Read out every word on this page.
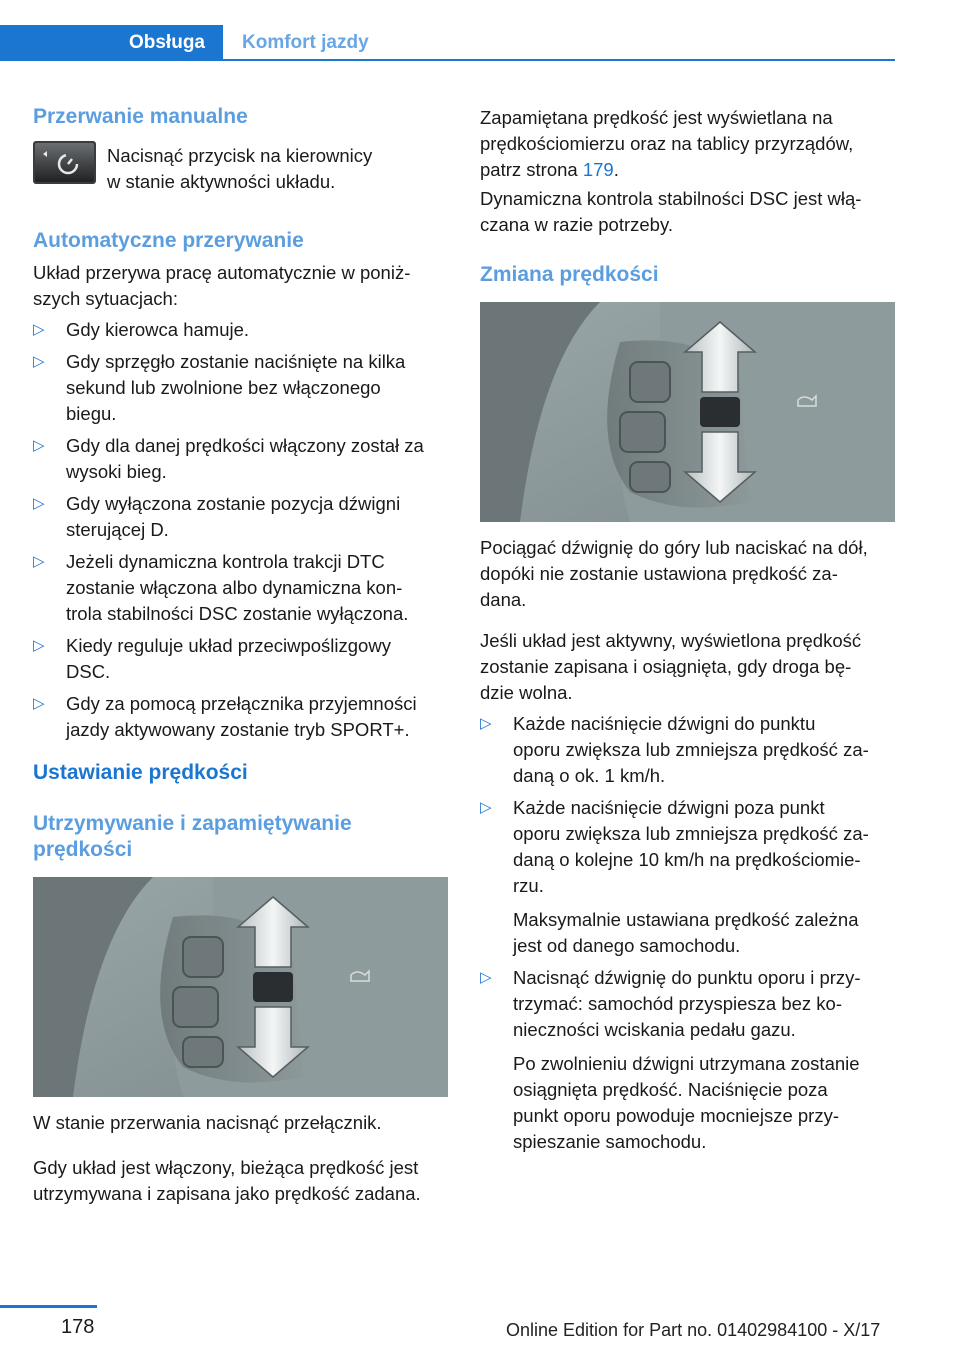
Obsługa	Komfort jazdy
Przerwanie manualne

Nacisnąć przycisk na kierownicy

w stanie aktywności układu.

Automatyczne przerywanie

Układ przerywa pracę automatycznie w poniż‐

szych sytuacjach:

▷ Gdy kierowca hamuje.
▷ Gdy sprzęgło zostanie naciśnięte na kilka
sekund lub zwolnione bez włączonego
biegu.
▷ Gdy dla danej prędkości włączony został za
wysoki bieg.
▷ Gdy wyłączona zostanie pozycja dźwigni
sterującej D.
▷ Jeżeli dynamiczna kontrola trakcji DTC
zostanie włączona albo dynamiczna kon‐
trola stabilności DSC zostanie wyłączona.
▷ Kiedy reguluje układ przeciwpoślizgowy
DSC.
▷ Gdy za pomocą przełącznika przyjemności
jazdy aktywowany zostanie tryb SPORT+.
Ustawianie prędkości
Utrzymywanie i zapamiętywanie
prędkości

W stanie przerwania nacisnąć przełącznik.

Gdy układ jest włączony, bieżąca prędkość jest

utrzymywana i zapisana jako prędkość zadana.

Zapamiętana prędkość jest wyświetlana na

prędkościomierzu oraz na tablicy przyrządów,

patrz strona 179.

Dynamiczna kontrola stabilności DSC jest włą‐

czana w razie potrzeby.

Zmiana prędkości

Pociągać dźwignię do góry lub naciskać na dół,

dopóki nie zostanie ustawiona prędkość za‐

dana.

Jeśli układ jest aktywny, wyświetlona prędkość

zostanie zapisana i osiągnięta, gdy droga bę‐

dzie wolna.

▷ Każde naciśnięcie dźwigni do punktu
oporu zwiększa lub zmniejsza prędkość za‐
daną o ok. 1 km/h.
▷ Każde naciśnięcie dźwigni poza punkt
oporu zwiększa lub zmniejsza prędkość za‐
daną o kolejne 10 km/h na prędkościomie‐
rzu.
Maksymalnie ustawiana prędkość zależna
jest od danego samochodu.
▷ Nacisnąć dźwignię do punktu oporu i przy‐
trzymać: samochód przyspiesza bez ko‐
nieczności wciskania pedału gazu.
Po zwolnieniu dźwigni utrzymana zostanie
osiągnięta prędkość. Naciśnięcie poza
punkt oporu powoduje mocniejsze przy‐
spieszanie samochodu.
178	Online Edition for Part no. 01402984100 - X/17
